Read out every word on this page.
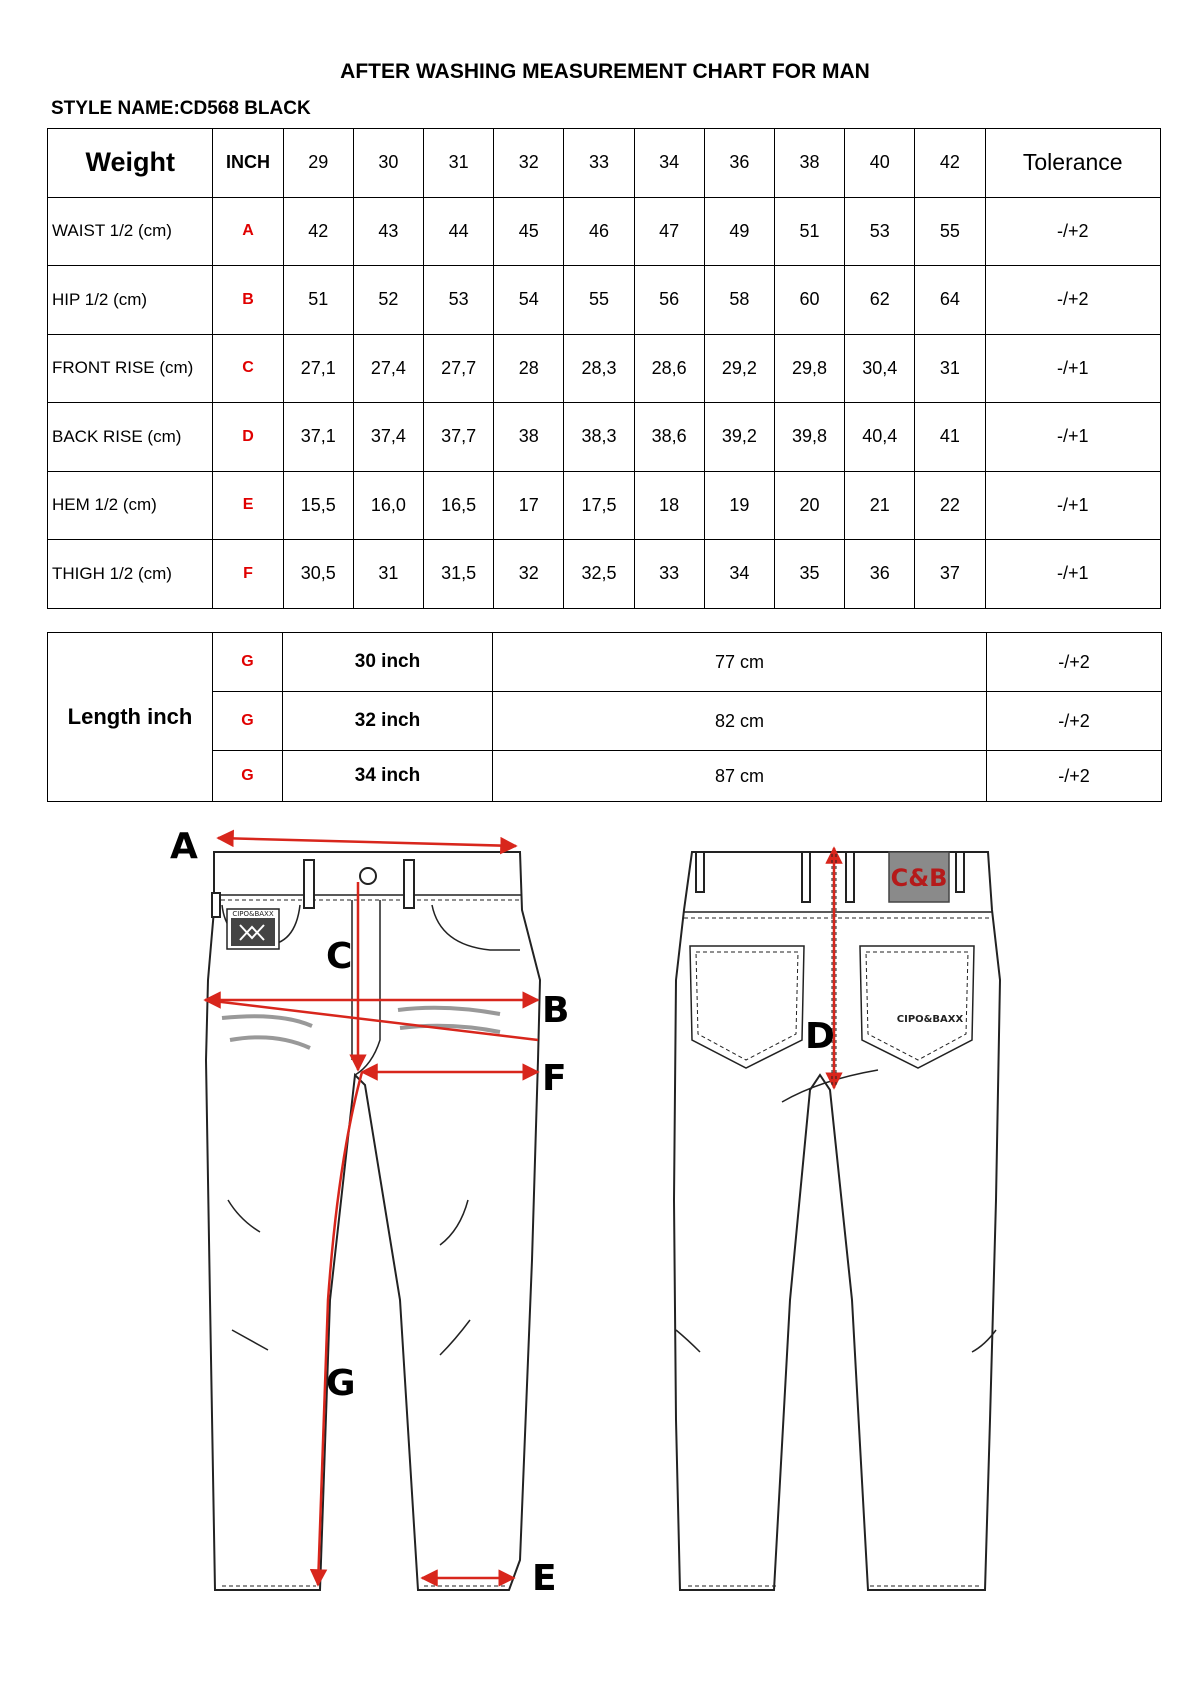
AFTER WASHING MEASUREMENT CHART FOR MAN
STYLE NAME:CD568 BLACK
Weight	INCH	29	30	31	32	33	34	36	38	40	42	Tolerance
WAIST 1/2 (cm)	A	42	43	44	45	46	47	49	51	53	55	-/+2
HIP 1/2 (cm)	B	51	52	53	54	55	56	58	60	62	64	-/+2
FRONT RISE (cm)	C	27,1	27,4	27,7	28	28,3	28,6	29,2	29,8	30,4	31	-/+1
BACK RISE (cm)	D	37,1	37,4	37,7	38	38,3	38,6	39,2	39,8	40,4	41	-/+1
HEM 1/2 (cm)	E	15,5	16,0	16,5	17	17,5	18	19	20	21	22	-/+1
THIGH 1/2 (cm)	F	30,5	31	31,5	32	32,5	33	34	35	36	37	-/+1
Length inch	G	30 inch	77 cm	-/+2
	G	32 inch	82 cm	-/+2
	G	34 inch	87 cm	-/+2
CIPO&BAXX
A
B
C
F
G
E
C&B
CIPO&BAXX
D
